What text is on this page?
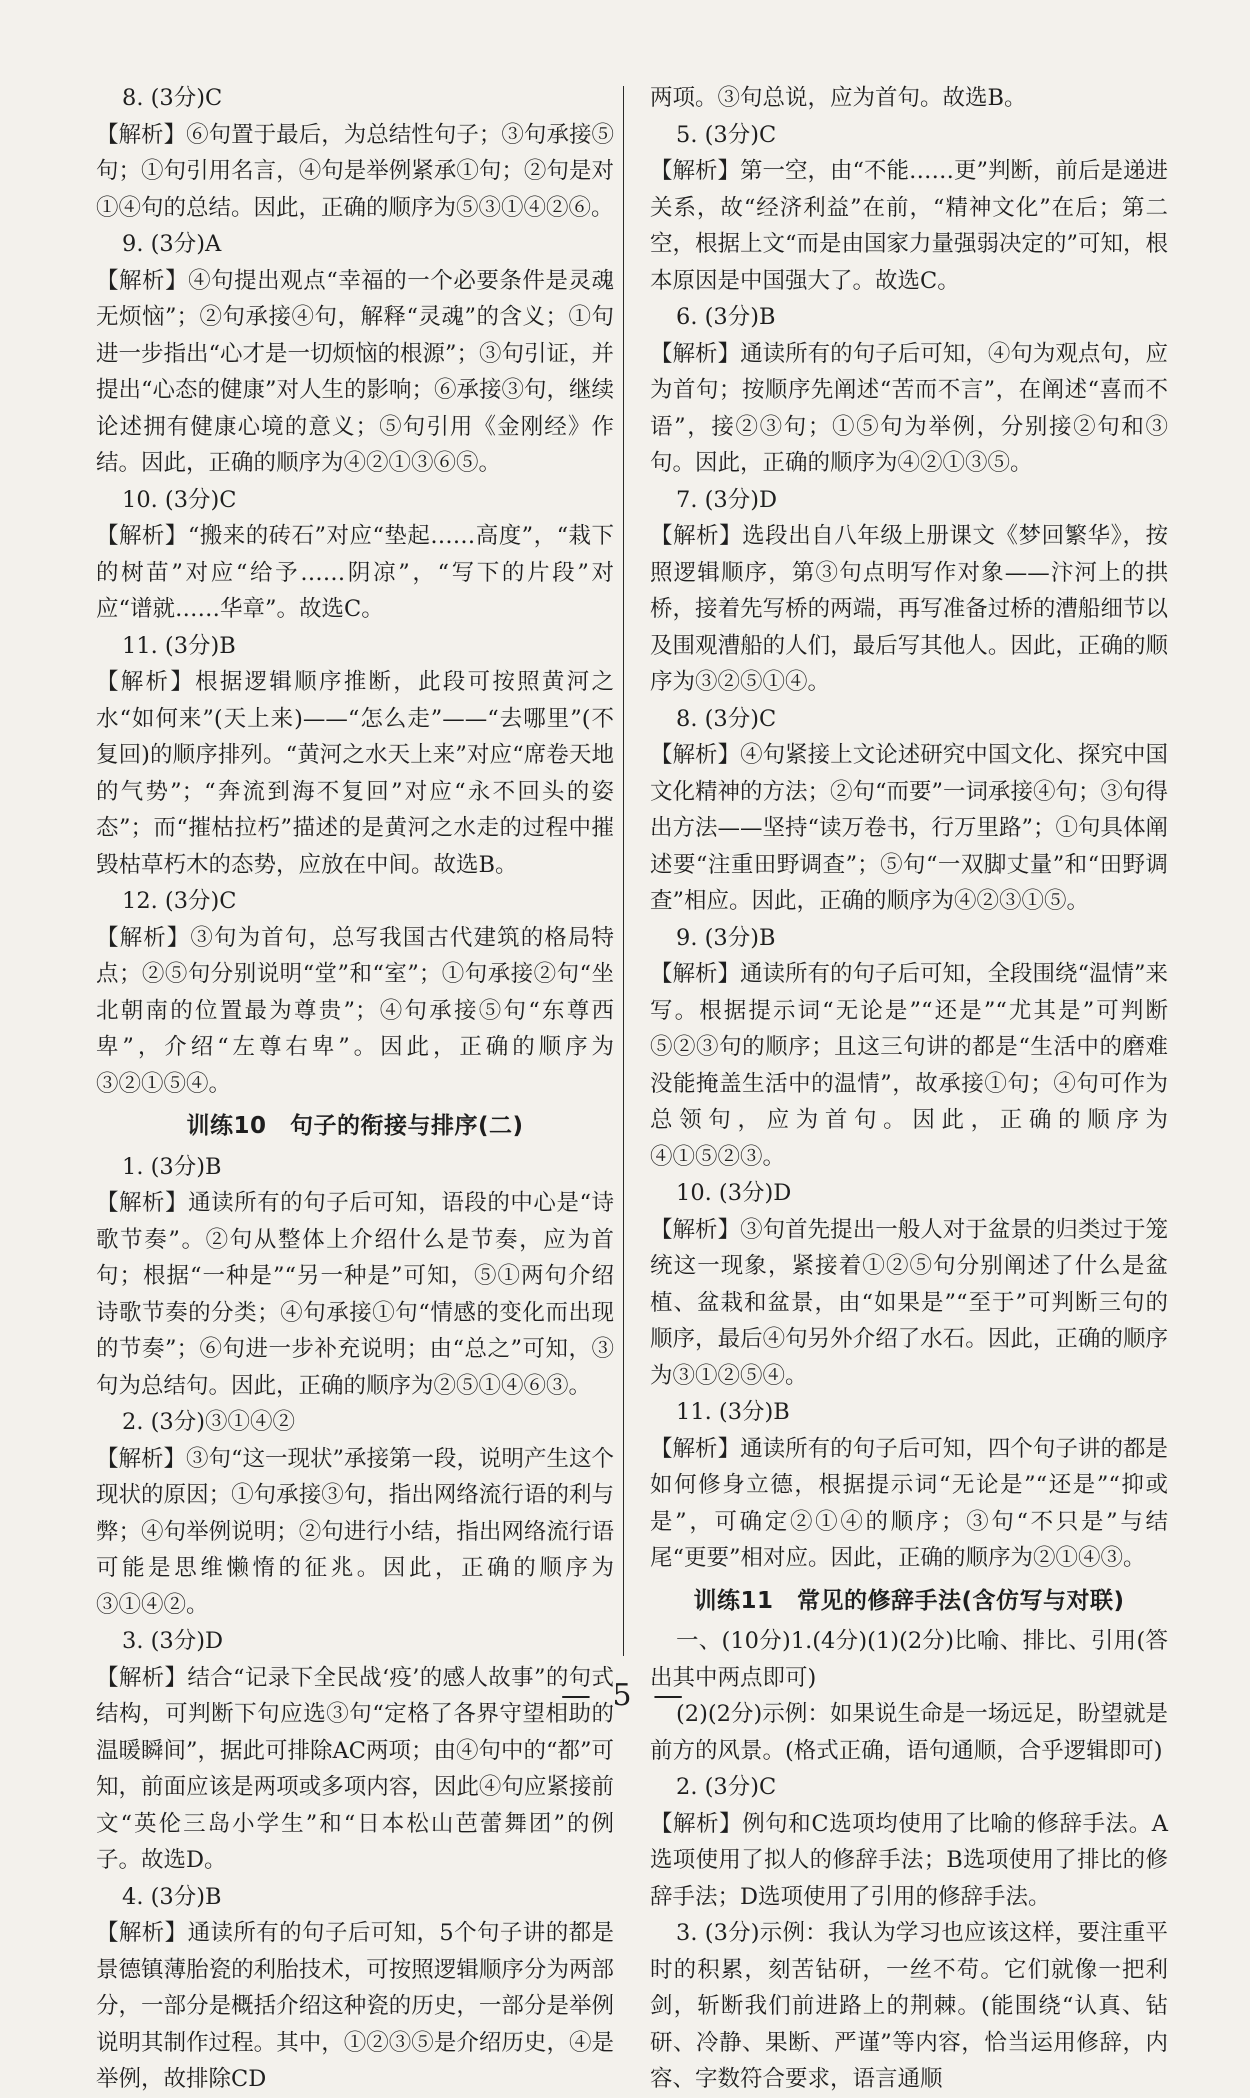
8. (3分)C
【解析】⑥句置于最后，为总结性句子；③句承接⑤句；①句引用名言，④句是举例紧承①句；②句是对①④句的总结。因此，正确的顺序为⑤③①④②⑥。
9. (3分)A
【解析】④句提出观点“幸福的一个必要条件是灵魂无烦恼”；②句承接④句，解释“灵魂”的含义；①句进一步指出“心才是一切烦恼的根源”；③句引证，并提出“心态的健康”对人生的影响；⑥承接③句，继续论述拥有健康心境的意义；⑤句引用《金刚经》作结。因此，正确的顺序为④②①③⑥⑤。
10. (3分)C
【解析】“搬来的砖石”对应“垫起……高度”，“栽下的树苗”对应“给予……阴凉”，“写下的片段”对应“谱就……华章”。故选C。
11. (3分)B
【解析】根据逻辑顺序推断，此段可按照黄河之水“如何来”(天上来)——“怎么走”——“去哪里”(不复回)的顺序排列。“黄河之水天上来”对应“席卷天地的气势”；“奔流到海不复回”对应“永不回头的姿态”；而“摧枯拉朽”描述的是黄河之水走的过程中摧毁枯草朽木的态势，应放在中间。故选B。
12. (3分)C
【解析】③句为首句，总写我国古代建筑的格局特点；②⑤句分别说明“堂”和“室”；①句承接②句“坐北朝南的位置最为尊贵”；④句承接⑤句“东尊西卑”，介绍“左尊右卑”。因此，正确的顺序为③②①⑤④。
训练10　句子的衔接与排序(二)
1. (3分)B
【解析】通读所有的句子后可知，语段的中心是“诗歌节奏”。②句从整体上介绍什么是节奏，应为首句；根据“一种是”“另一种是”可知，⑤①两句介绍诗歌节奏的分类；④句承接①句“情感的变化而出现的节奏”；⑥句进一步补充说明；由“总之”可知，③句为总结句。因此，正确的顺序为②⑤①④⑥③。
2. (3分)③①④②
【解析】③句“这一现状”承接第一段，说明产生这个现状的原因；①句承接③句，指出网络流行语的利与弊；④句举例说明；②句进行小结，指出网络流行语可能是思维懒惰的征兆。因此，正确的顺序为③①④②。
3. (3分)D
【解析】结合“记录下全民战‘疫’的感人故事”的句式结构，可判断下句应选③句“定格了各界守望相助的温暖瞬间”，据此可排除AC两项；由④句中的“都”可知，前面应该是两项或多项内容，因此④句应紧接前文“英伦三岛小学生”和“日本松山芭蕾舞团”的例子。故选D。
4. (3分)B
【解析】通读所有的句子后可知，5个句子讲的都是景德镇薄胎瓷的利胎技术，可按照逻辑顺序分为两部分，一部分是概括介绍这种瓷的历史，一部分是举例说明其制作过程。其中，①②③⑤是介绍历史，④是举例，故排除CD
两项。③句总说，应为首句。故选B。
5. (3分)C
【解析】第一空，由“不能……更”判断，前后是递进关系，故“经济利益”在前，“精神文化”在后；第二空，根据上文“而是由国家力量强弱决定的”可知，根本原因是中国强大了。故选C。
6. (3分)B
【解析】通读所有的句子后可知，④句为观点句，应为首句；按顺序先阐述“苦而不言”，在阐述“喜而不语”，接②③句；①⑤句为举例，分别接②句和③句。因此，正确的顺序为④②①③⑤。
7. (3分)D
【解析】选段出自八年级上册课文《梦回繁华》，按照逻辑顺序，第③句点明写作对象——汴河上的拱桥，接着先写桥的两端，再写准备过桥的漕船细节以及围观漕船的人们，最后写其他人。因此，正确的顺序为③②⑤①④。
8. (3分)C
【解析】④句紧接上文论述研究中国文化、探究中国文化精神的方法；②句“而要”一词承接④句；③句得出方法——坚持“读万卷书，行万里路”；①句具体阐述要“注重田野调查”；⑤句“一双脚丈量”和“田野调查”相应。因此，正确的顺序为④②③①⑤。
9. (3分)B
【解析】通读所有的句子后可知，全段围绕“温情”来写。根据提示词“无论是”“还是”“尤其是”可判断⑤②③句的顺序；且这三句讲的都是“生活中的磨难没能掩盖生活中的温情”，故承接①句；④句可作为总领句，应为首句。因此，正确的顺序为④①⑤②③。
10. (3分)D
【解析】③句首先提出一般人对于盆景的归类过于笼统这一现象，紧接着①②⑤句分别阐述了什么是盆植、盆栽和盆景，由“如果是”“至于”可判断三句的顺序，最后④句另外介绍了水石。因此，正确的顺序为③①②⑤④。
11. (3分)B
【解析】通读所有的句子后可知，四个句子讲的都是如何修身立德，根据提示词“无论是”“还是”“抑或是”，可确定②①④的顺序；③句“不只是”与结尾“更要”相对应。因此，正确的顺序为②①④③。
训练11　常见的修辞手法(含仿写与对联)
一、(10分)1.(4分)(1)(2分)比喻、排比、引用(答出其中两点即可)
(2)(2分)示例：如果说生命是一场远足，盼望就是前方的风景。(格式正确，语句通顺，合乎逻辑即可)
2. (3分)C
【解析】例句和C选项均使用了比喻的修辞手法。A选项使用了拟人的修辞手法；B选项使用了排比的修辞手法；D选项使用了引用的修辞手法。
3. (3分)示例：我认为学习也应该这样，要注重平时的积累，刻苦钻研，一丝不苟。它们就像一把利剑，斩断我们前进路上的荆棘。(能围绕“认真、钻研、冷静、果断、严谨”等内容，恰当运用修辞，内容、字数符合要求，语言通顺
— 5 —
